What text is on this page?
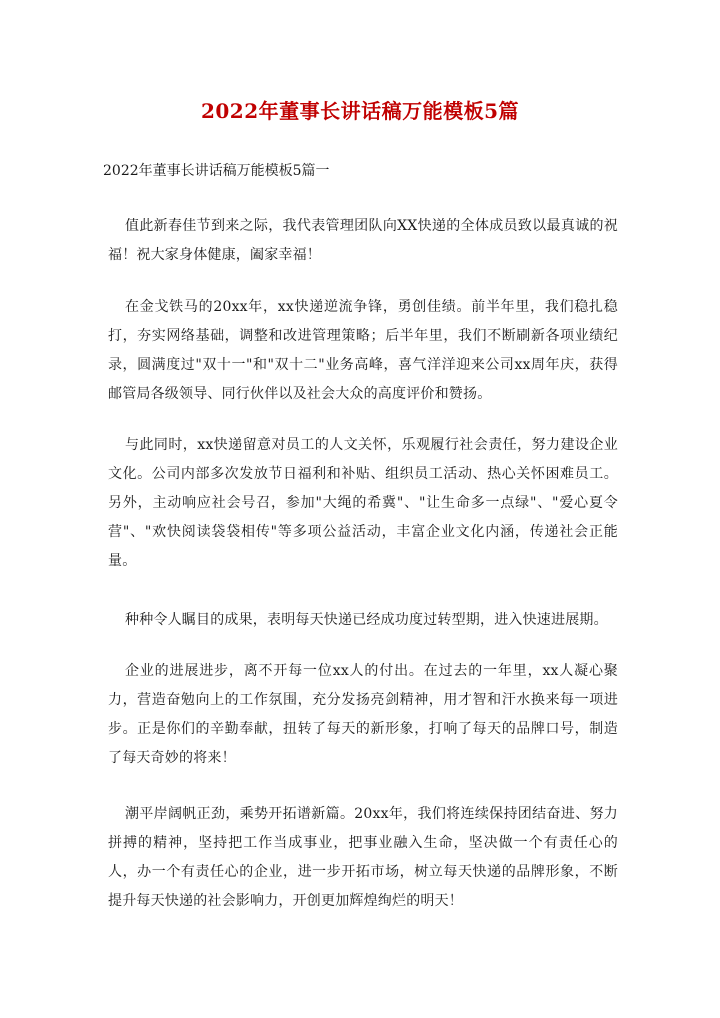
2022年董事长讲话稿万能模板5篇

2022年董事长讲话稿万能模板5篇一

值此新春佳节到来之际，我代表管理团队向XX快递的全体成员致以最真诚的祝福！祝大家身体健康，阖家幸福！

在金戈铁马的20xx年，xx快递逆流争锋，勇创佳绩。前半年里，我们稳扎稳打，夯实网络基础，调整和改进管理策略；后半年里，我们不断刷新各项业绩纪录，圆满度过"双十一"和"双十二"业务高峰，喜气洋洋迎来公司xx周年庆，获得邮管局各级领导、同行伙伴以及社会大众的高度评价和赞扬。

与此同时，xx快递留意对员工的人文关怀，乐观履行社会责任，努力建设企业文化。公司内部多次发放节日福利和补贴、组织员工活动、热心关怀困难员工。另外，主动响应社会号召，参加"大绳的希冀"、"让生命多一点绿"、"爱心夏令营"、"欢快阅读袋袋相传"等多项公益活动，丰富企业文化内涵，传递社会正能量。

种种令人瞩目的成果，表明每天快递已经成功度过转型期，进入快速进展期。

企业的进展进步，离不开每一位xx人的付出。在过去的一年里，xx人凝心聚力，营造奋勉向上的工作氛围，充分发扬亮剑精神，用才智和汗水换来每一项进步。正是你们的辛勤奉献，扭转了每天的新形象，打响了每天的品牌口号，制造了每天奇妙的将来！

潮平岸阔帆正劲，乘势开拓谱新篇。20xx年，我们将连续保持团结奋进、努力拼搏的精神，坚持把工作当成事业，把事业融入生命，坚决做一个有责任心的人，办一个有责任心的企业，进一步开拓市场，树立每天快递的品牌形象，不断提升每天快递的社会影响力，开创更加辉煌绚烂的明天！
